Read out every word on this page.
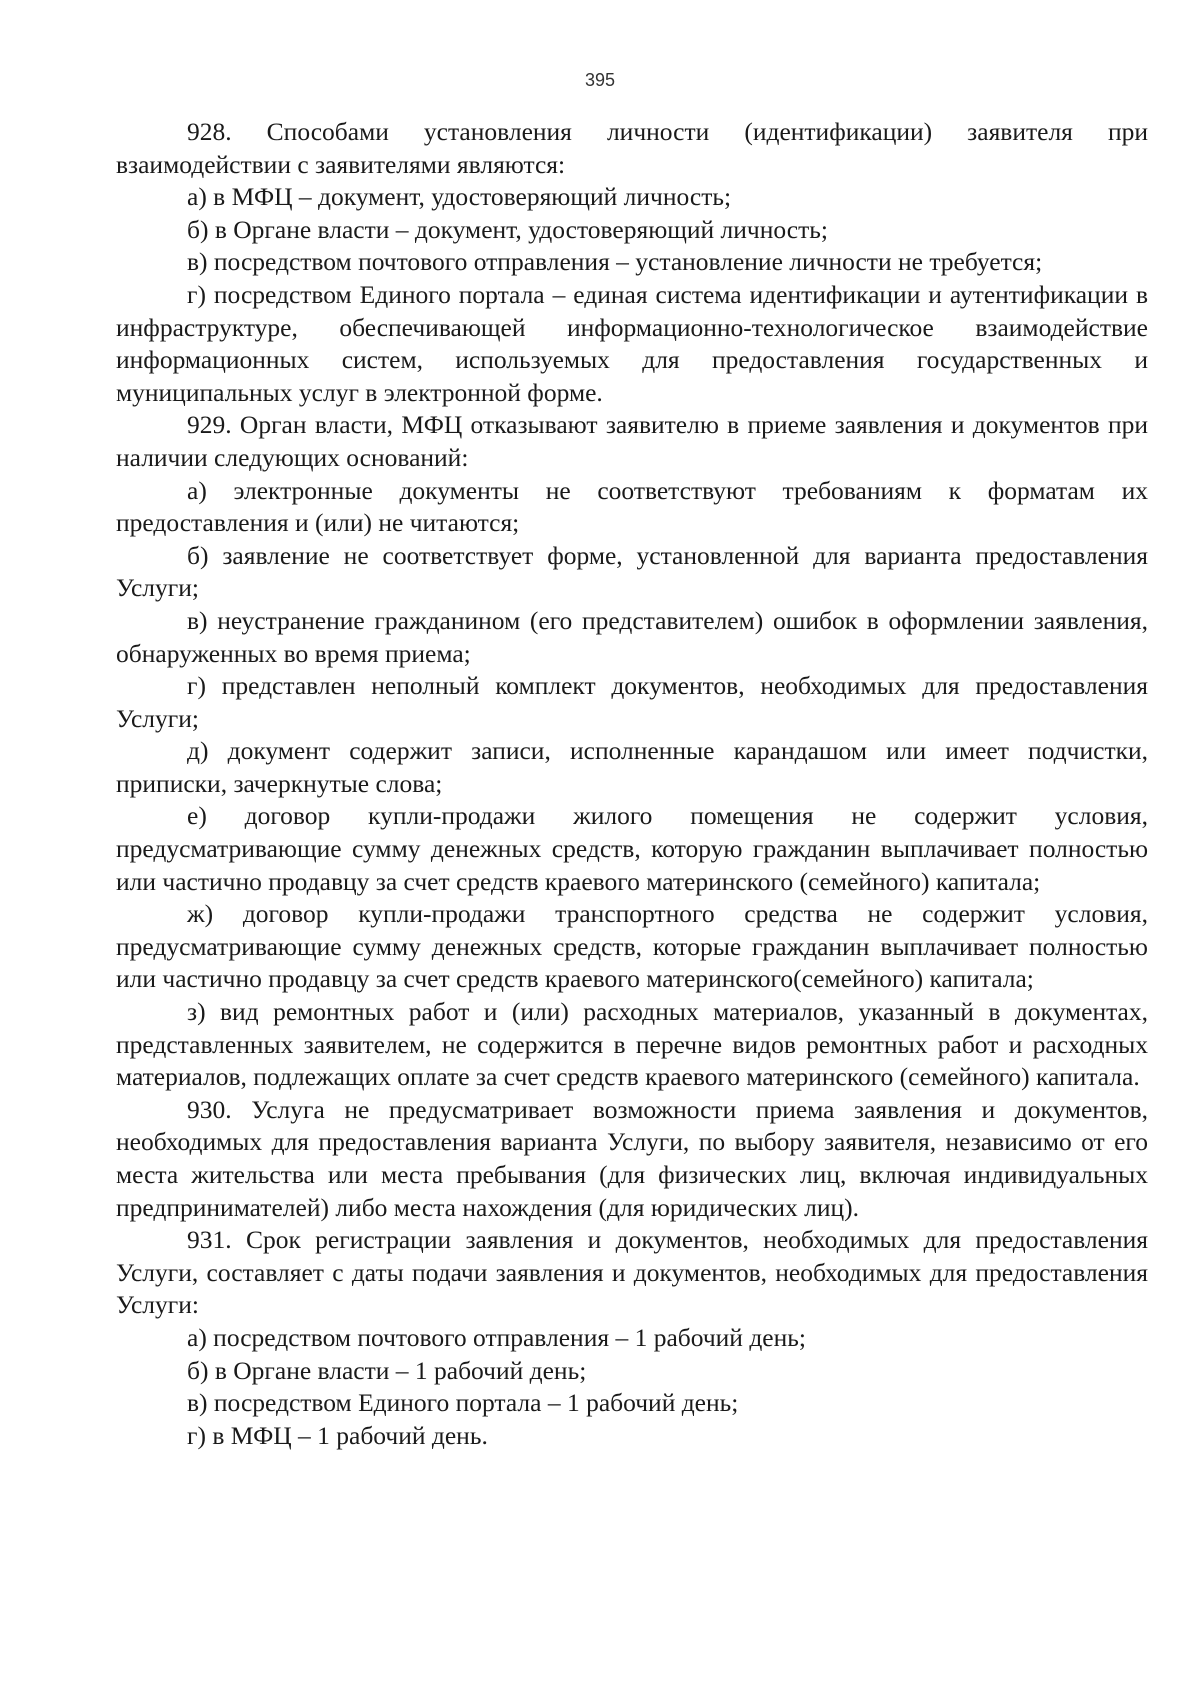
395

928. Способами установления личности (идентификации) заявителя при взаимодействии с заявителями являются:

а) в МФЦ – документ, удостоверяющий личность;

б) в Органе власти – документ, удостоверяющий личность;

в) посредством почтового отправления – установление личности не требуется;

г) посредством Единого портала – единая система идентификации и аутентификации в инфраструктуре, обеспечивающей информационно-технологическое взаимодействие информационных систем, используемых для предоставления государственных и муниципальных услуг в электронной форме.

929. Орган власти, МФЦ отказывают заявителю в приеме заявления и документов при наличии следующих оснований:

а) электронные документы не соответствуют требованиям к форматам их предоставления и (или) не читаются;

б) заявление не соответствует форме, установленной для варианта предоставления Услуги;

в) неустранение гражданином (его представителем) ошибок в оформлении заявления, обнаруженных во время приема;

г) представлен неполный комплект документов, необходимых для предоставления Услуги;

д) документ содержит записи, исполненные карандашом или имеет подчистки, приписки, зачеркнутые слова;

е) договор купли-продажи жилого помещения не содержит условия, предусматривающие сумму денежных средств, которую гражданин выплачивает полностью или частично продавцу за счет средств краевого материнского (семейного) капитала;

ж) договор купли-продажи транспортного средства не содержит условия, предусматривающие сумму денежных средств, которые гражданин выплачивает полностью или частично продавцу за счет средств краевого материнского(семейного) капитала;

з) вид ремонтных работ и (или) расходных материалов, указанный в документах, представленных заявителем, не содержится в перечне видов ремонтных работ и расходных материалов, подлежащих оплате за счет средств краевого материнского (семейного) капитала.

930. Услуга не предусматривает возможности приема заявления и документов, необходимых для предоставления варианта Услуги, по выбору заявителя, независимо от его места жительства или места пребывания (для физических лиц, включая индивидуальных предпринимателей) либо места нахождения (для юридических лиц).

931. Срок регистрации заявления и документов, необходимых для предоставления Услуги, составляет с даты подачи заявления и документов, необходимых для предоставления Услуги:

а) посредством почтового отправления – 1 рабочий день;

б) в Органе власти – 1 рабочий день;

в) посредством Единого портала – 1 рабочий день;

г) в МФЦ – 1 рабочий день.
